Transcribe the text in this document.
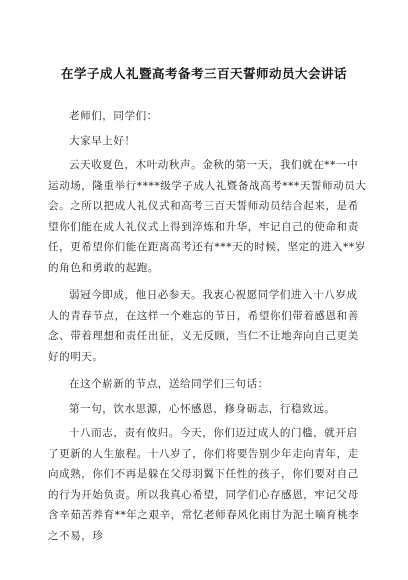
在学子成人礼暨高考备考三百天誓师动员大会讲话

老师们，同学们：

大家早上好！

云天收夏色，木叶动秋声。金秋的第一天，我们就在**一中运动场，隆重举行****级学子成人礼暨备战高考***天誓师动员大会。之所以把成人礼仪式和高考三百天誓师动员结合起来，是希望你们能在成人礼仪式上得到淬炼和升华，牢记自己的使命和责任，更希望你们能在距离高考还有***天的时候，坚定的进入**岁的角色和勇敢的起跑。

弱冠今即成，他日必参天。我衷心祝愿同学们进入十八岁成人的青春节点，在这样一个难忘的节日，希望你们带着感恩和善念、带着理想和责任出征，义无反顾，当仁不让地奔向自己更美好的明天。

在这个崭新的节点，送给同学们三句话：

第一句，饮水思源，心怀感恩，修身砺志，行稳致远。

十八而志，责有攸归。今天，你们迈过成人的门槛，就开启了更新的人生旅程。十八岁了，你们将要告别少年走向青年，走向成熟，你们不再是躲在父母羽翼下任性的孩子，你们要对自己的行为开始负责。所以我真心希望，同学们心存感恩，牢记父母含辛茹苦养育**年之艰辛，常忆老师春风化雨甘为泥土嘀育桃李之不易，珍
